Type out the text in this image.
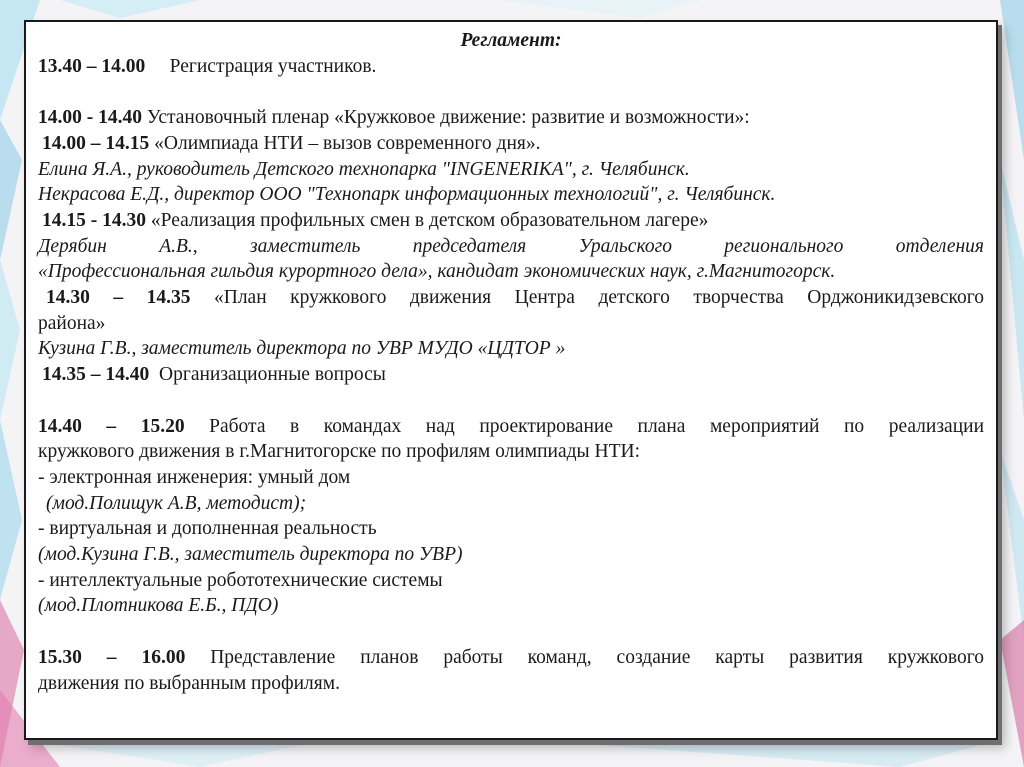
Регламент:

13.40 – 14.00 Регистрация участников.

14.00 - 14.40 Установочный пленар «Кружковое движение: развитие и возможности»:

14.00 – 14.15 «Олимпиада НТИ – вызов современного дня».

Елина Я.А., руководитель Детского технопарка "INGENERIKA", г. Челябинск.

Некрасова Е.Д., директор ООО "Технопарк информационных технологий", г. Челябинск.

14.15 - 14.30 «Реализация профильных смен в детском образовательном лагере»

Дерябин А.В., заместитель председателя Уральского регионального отделения

«Профессиональная гильдия курортного дела», кандидат экономических наук, г.Магнитогорск.

14.30 – 14.35 «План кружкового движения Центра детского творчества Орджоникидзевского

района»

Кузина Г.В., заместитель директора по УВР МУДО «ЦДТОР »

14.35 – 14.40 Организационные вопросы

14.40 – 15.20 Работа в командах над проектирование плана мероприятий по реализации

кружкового движения в г.Магнитогорске по профилям олимпиады НТИ:

- электронная инженерия: умный дом

(мод.Полищук А.В, методист);

- виртуальная и дополненная реальность

(мод.Кузина Г.В., заместитель директора по УВР)

- интеллектуальные робототехнические системы

(мод.Плотникова Е.Б., ПДО)

15.30 – 16.00 Представление планов работы команд, создание карты развития кружкового

движения по выбранным профилям.
